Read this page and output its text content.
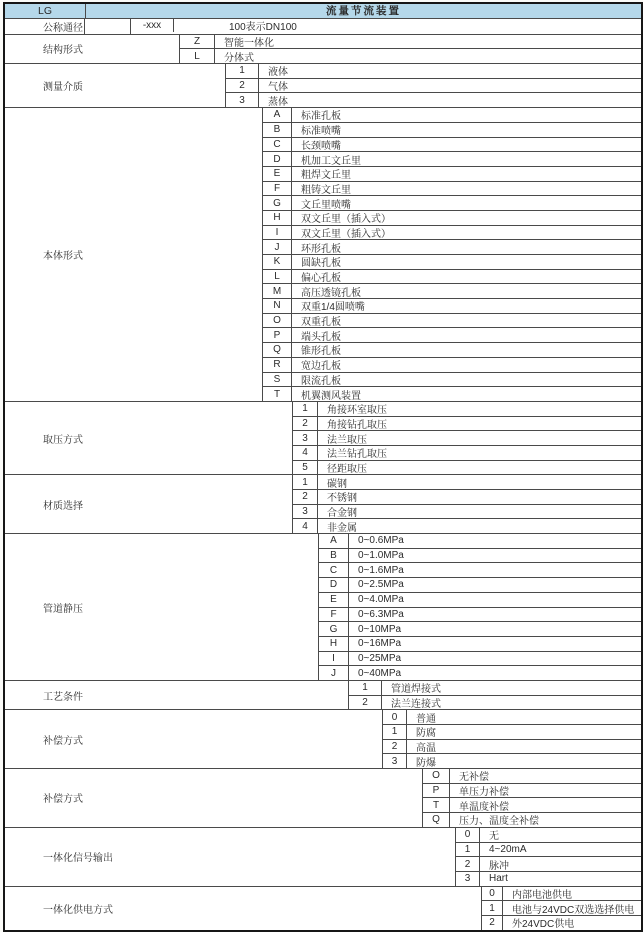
LG	流量节流装置
公称通径	-xxx	100表示DN100
结构形式
Z	智能一体化
L	分体式
测量介质
1	液体
2	气体
3	蒸体
本体形式
A	标准孔板
B	标准喷嘴
C	长颈喷嘴
D	机加工文丘里
E	粗焊文丘里
F	粗铸文丘里
G	文丘里喷嘴
H	双文丘里（插入式）
I	双文丘里（插入式）
J	环形孔板
K	圆缺孔板
L	偏心孔板
M	高压透镜孔板
N	双重1/4圆喷嘴
O	双重孔板
P	端头孔板
Q	锥形孔板
R	宽边孔板
S	限流孔板
T	机翼测风装置
取压方式
1	角接环室取压
2	角接钻孔取压
3	法兰取压
4	法兰钻孔取压
5	径距取压
材质选择
1	碳钢
2	不锈钢
3	合金钢
4	非金属
管道静压
A	0~0.6MPa
B	0~1.0MPa
C	0~1.6MPa
D	0~2.5MPa
E	0~4.0MPa
F	0~6.3MPa
G	0~10MPa
H	0~16MPa
I	0~25MPa
J	0~40MPa
工艺条件
1	管道焊接式
2	法兰连接式
补偿方式
0	普通
1	防腐
2	高温
3	防爆
补偿方式
O	无补偿
P	单压力补偿
T	单温度补偿
Q	压力、温度全补偿
一体化信号输出
0	无
1	4~20mA
2	脉冲
3	Hart
一体化供电方式
0	内部电池供电
1	电池与24VDC双选选择供电
2	外24VDC供电
